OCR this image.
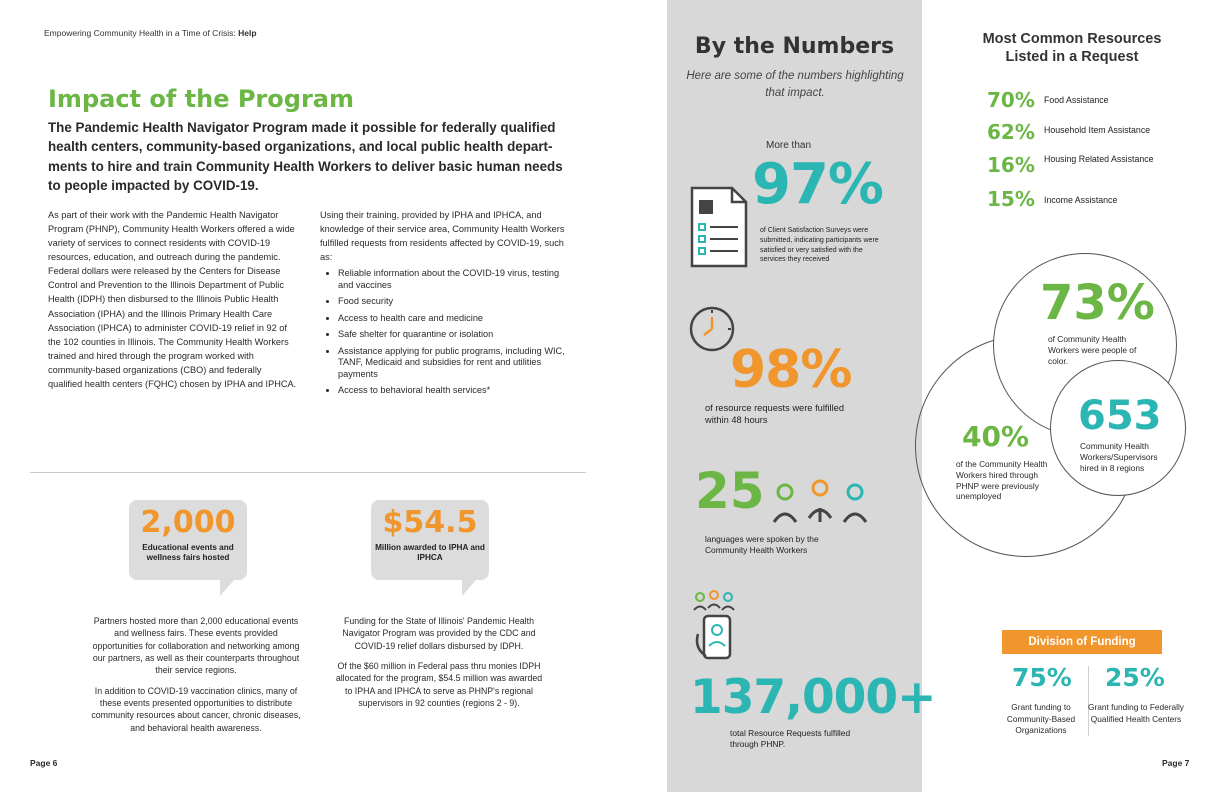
Empowering Community Health in a Time of Crisis: Help
Impact of the Program
The Pandemic Health Navigator Program made it possible for federally qualified health centers, community-based organizations, and local public health depart-ments to hire and train Community Health Workers to deliver basic human needs to people impacted by COVID-19.
As part of their work with the Pandemic Health Navigator Program (PHNP), Community Health Workers offered a wide variety of services to connect residents with COVID-19 resources, education, and outreach during the pandemic. Federal dollars were released by the Centers for Disease Control and Prevention to the Illinois Department of Public Health (IDPH) then disbursed to the Illinois Public Health Association (IPHA) and the Illinois Primary Health Care Association (IPHCA) to administer COVID-19 relief in 92 of the 102 counties in Illinois. The Community Health Workers trained and hired through the program worked with community-based organizations (CBO) and federally qualified health centers (FQHC) chosen by IPHA and IPHCA.
Using their training, provided by IPHA and IPHCA, and knowledge of their service area, Community Health Workers fulfilled requests from residents affected by COVID-19, such as:
• Reliable information about the COVID-19 virus, testing and vaccines
• Food security
• Access to health care and medicine
• Safe shelter for quarantine or isolation
• Assistance applying for public programs, including WIC, TANF, Medicaid and subsidies for rent and utilities payments
• Access to behavioral health services*
2,000
Educational events and wellness fairs hosted
$54.5
Million awarded to IPHA and IPHCA

Partners hosted more than 2,000 educational events and wellness fairs. These events provided opportunities for collaboration and networking among our partners, as well as their counterparts throughout their service regions.

In addition to COVID-19 vaccination clinics, many of these events presented opportunities to distribute community resources about cancer, chronic diseases, and behavioral health awareness.

Funding for the State of Illinois' Pandemic Health Navigator Program was provided by the CDC and COVID-19 relief dollars disbursed by IDPH.

Of the $60 million in Federal pass thru monies IDPH allocated for the program, $54.5 million was awarded to IPHA and IPHCA to serve as PHNP's regional supervisors in 92 counties (regions 2 - 9).

Page 6
By the Numbers
Here are some of the numbers highlighting that impact.
More than
97%
of Client Satisfaction Surveys were submitted, indicating participants were satisfied or very satisfied with the services they received
98%
of resource requests were fulfilled within 48 hours
25
languages were spoken by the Community Health Workers
137,000+
total Resource Requests fulfilled through PHNP.
Most Common Resources Listed in a Request
70% Food Assistance
62% Household Item Assistance
16% Housing Related Assistance
15% Income Assistance
73%
of Community Health Workers were people of color.
40%
of the Community Health Workers hired through PHNP were previously unemployed
653
Community Health Workers/Supervisors hired in 8 regions
Division of Funding
75%
Grant funding to Community-Based Organizations
25%
Grant funding to Federally Qualified Health Centers
Page 7
